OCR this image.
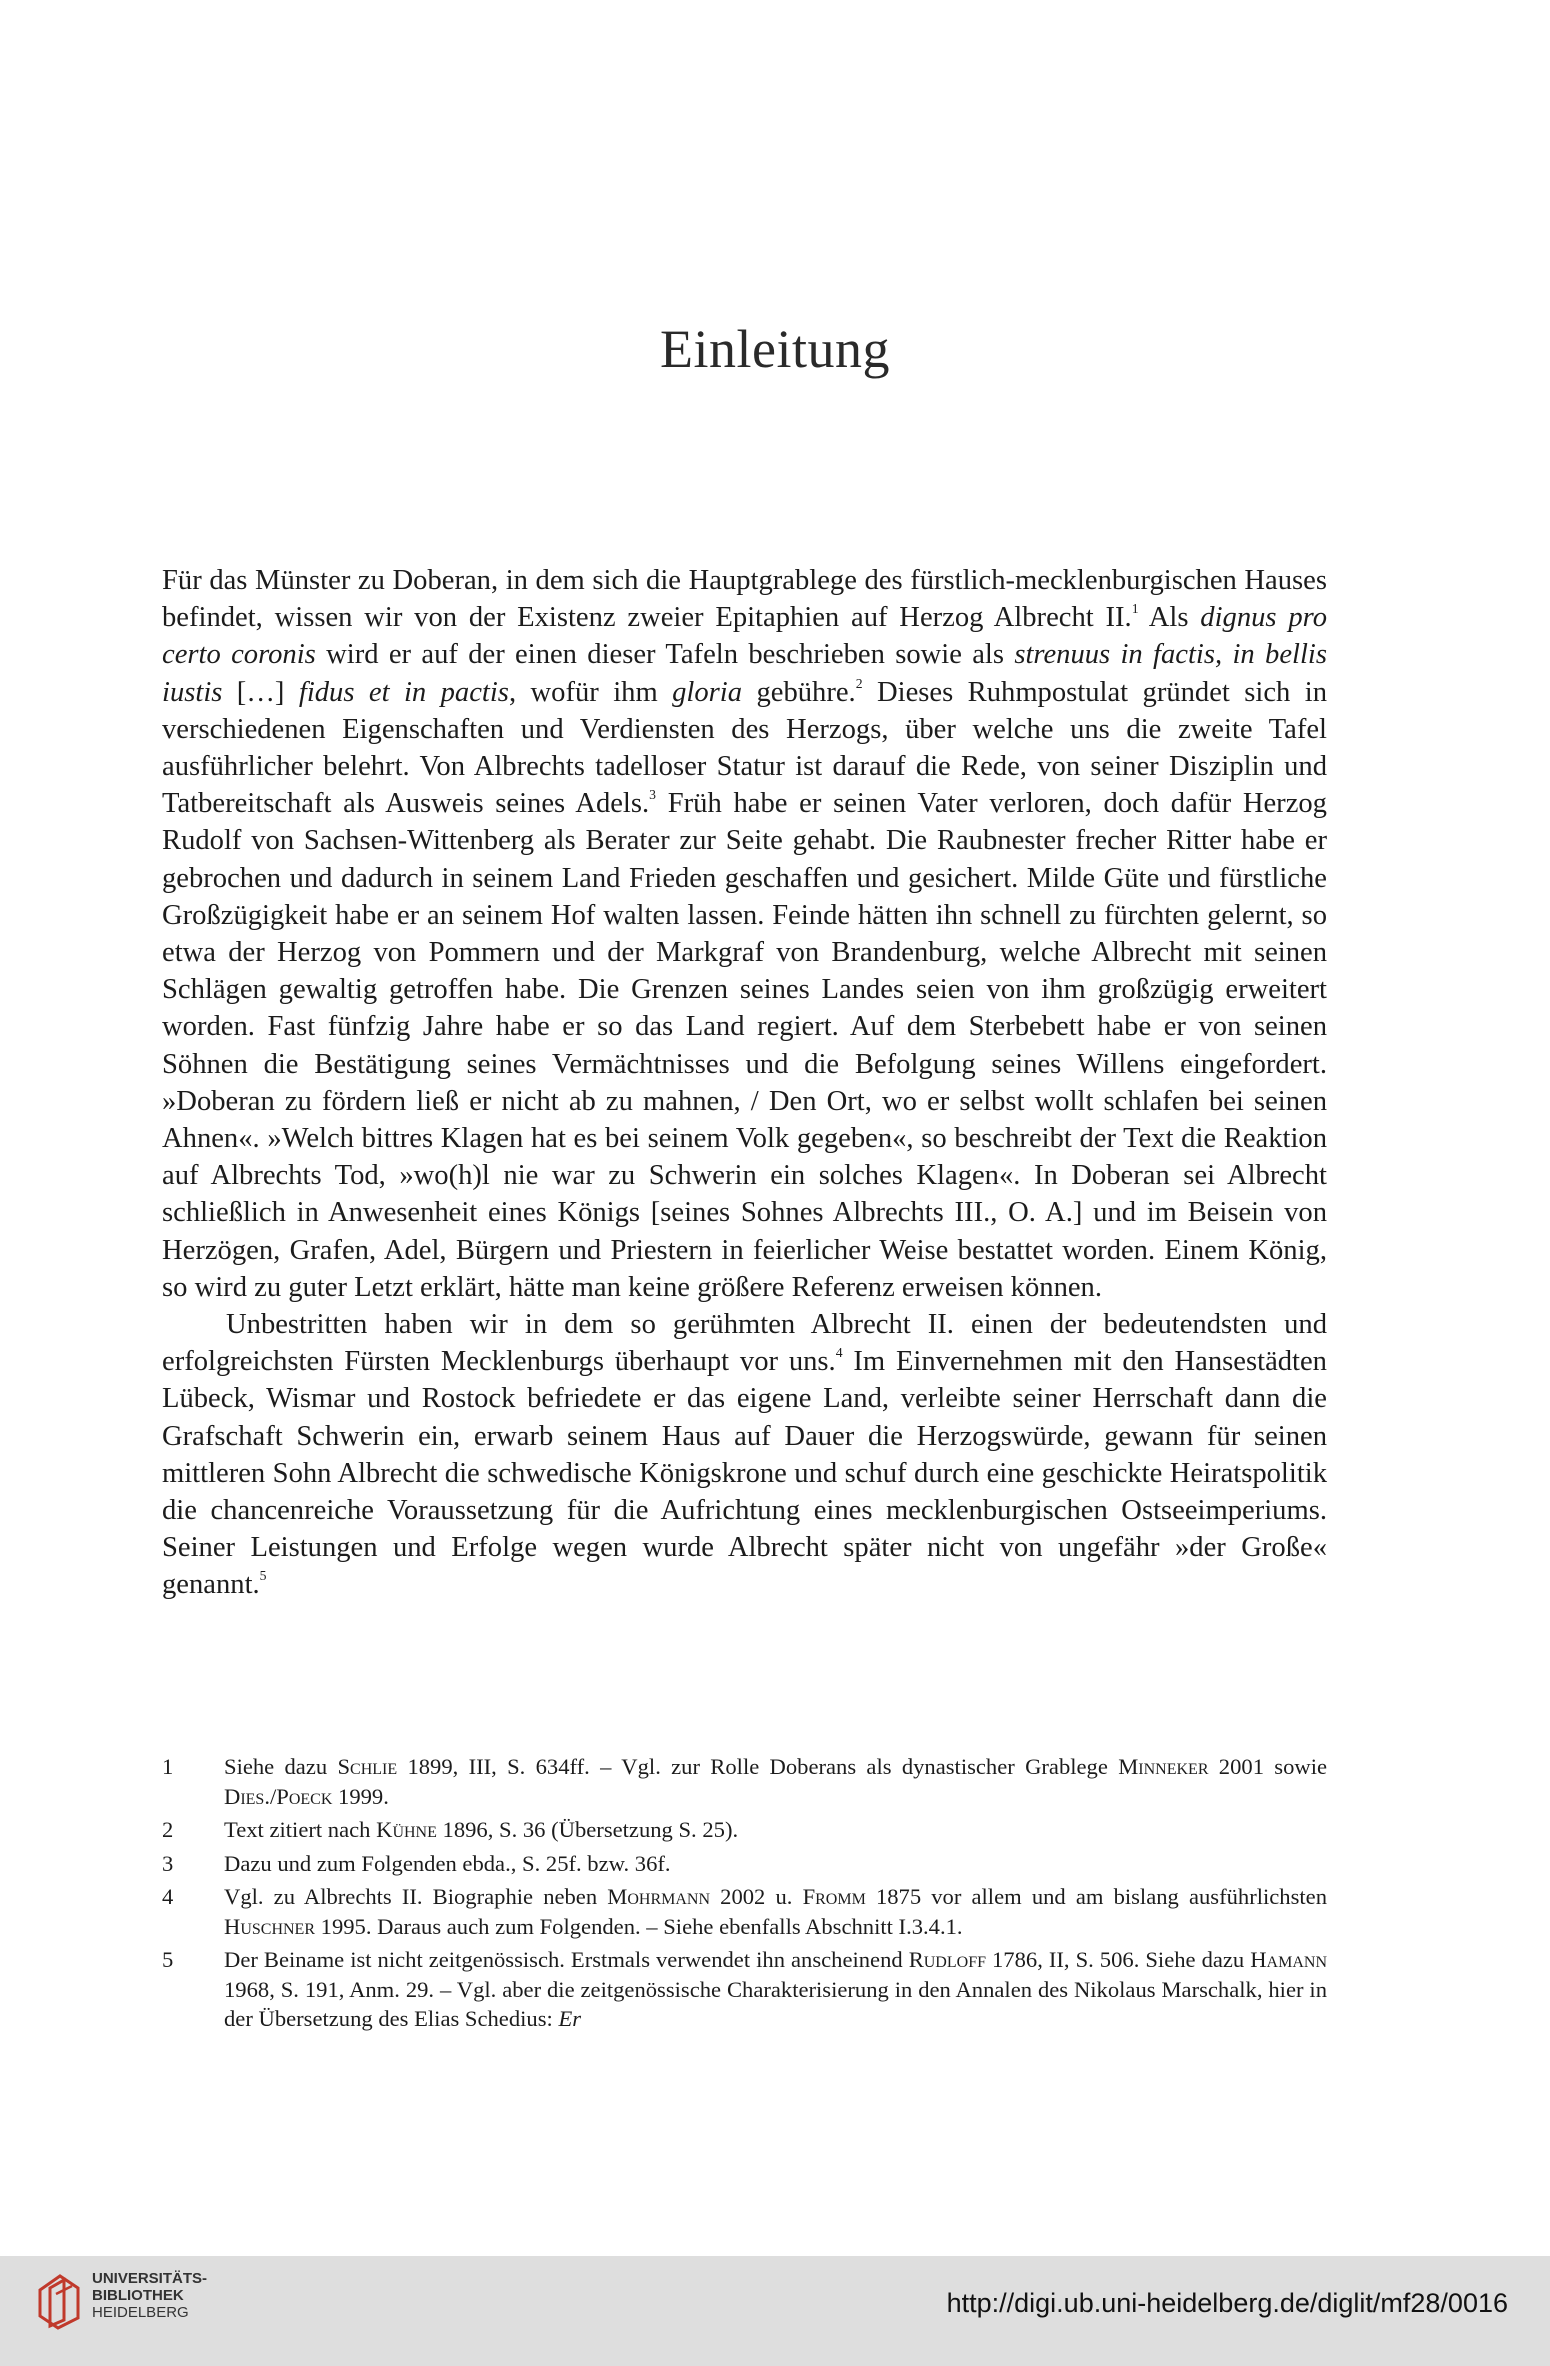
Einleitung

Für das Münster zu Doberan, in dem sich die Hauptgrablege des fürstlich-mecklenburgischen Hauses befindet, wissen wir von der Existenz zweier Epitaphien auf Herzog Albrecht II.$^1$ Als dignus pro certo coronis wird er auf der einen dieser Tafeln beschrieben sowie als strenuus in factis, in bellis iustis […] fidus et in pactis, wofür ihm gloria gebühre.$^2$ Dieses Ruhmpostulat gründet sich in verschiedenen Eigenschaften und Verdiensten des Herzogs, über welche uns die zweite Tafel ausführlicher belehrt. Von Albrechts tadelloser Statur ist darauf die Rede, von seiner Disziplin und Tatbereitschaft als Ausweis seines Adels.$^3$ Früh habe er seinen Vater verloren, doch dafür Herzog Rudolf von Sachsen-Wittenberg als Berater zur Seite gehabt. Die Raubnester frecher Ritter habe er gebrochen und dadurch in seinem Land Frieden geschaffen und gesichert. Milde Güte und fürstliche Großzügigkeit habe er an seinem Hof walten lassen. Feinde hätten ihn schnell zu fürchten gelernt, so etwa der Herzog von Pommern und der Markgraf von Brandenburg, welche Albrecht mit seinen Schlägen gewaltig getroffen habe. Die Grenzen seines Landes seien von ihm großzügig erweitert worden. Fast fünfzig Jahre habe er so das Land regiert. Auf dem Sterbebett habe er von seinen Söhnen die Bestätigung seines Vermächtnisses und die Befolgung seines Willens eingefordert. »Doberan zu fördern ließ er nicht ab zu mahnen, / Den Ort, wo er selbst wollt schlafen bei seinen Ahnen«. »Welch bittres Klagen hat es bei seinem Volk gegeben«, so beschreibt der Text die Reaktion auf Albrechts Tod, »wo(h)l nie war zu Schwerin ein solches Klagen«. In Doberan sei Albrecht schließlich in Anwesenheit eines Königs [seines Sohnes Albrechts III., O. A.] und im Beisein von Herzögen, Grafen, Adel, Bürgern und Priestern in feierlicher Weise bestattet worden. Einem König, so wird zu guter Letzt erklärt, hätte man keine größere Referenz erweisen können.

Unbestritten haben wir in dem so gerühmten Albrecht II. einen der bedeutendsten und erfolgreichsten Fürsten Mecklenburgs überhaupt vor uns.$^4$ Im Einvernehmen mit den Hansestädten Lübeck, Wismar und Rostock befriedete er das eigene Land, verleibte seiner Herrschaft dann die Grafschaft Schwerin ein, erwarb seinem Haus auf Dauer die Herzogswürde, gewann für seinen mittleren Sohn Albrecht die schwedische Königskrone und schuf durch eine geschickte Heiratspolitik die chancenreiche Voraussetzung für die Aufrichtung eines mecklenburgischen Ostseeimperiums. Seiner Leistungen und Erfolge wegen wurde Albrecht später nicht von ungefähr »der Große« genannt.$^5$

1	Siehe dazu Schlie 1899, III, S. 634ff. – Vgl. zur Rolle Doberans als dynastischer Grablege Minneker 2001 sowie Dies./Poeck 1999.
2	Text zitiert nach Kühne 1896, S. 36 (Übersetzung S. 25).
3	Dazu und zum Folgenden ebda., S. 25f. bzw. 36f.
4	Vgl. zu Albrechts II. Biographie neben Mohrmann 2002 u. Fromm 1875 vor allem und am bislang ausführlichsten Huschner 1995. Daraus auch zum Folgenden. – Siehe ebenfalls Abschnitt I.3.4.1.
5	Der Beiname ist nicht zeitgenössisch. Erstmals verwendet ihn anscheinend Rudloff 1786, II, S. 506. Siehe dazu Hamann 1968, S. 191, Anm. 29. – Vgl. aber die zeitgenössische Charakterisierung in den Annalen des Nikolaus Marschalk, hier in der Übersetzung des Elias Schedius: Er
UNIVERSITÄTS-
BIBLIOTHEK
HEIDELBERG	http://digi.ub.uni-heidelberg.de/diglit/mf28/0016
